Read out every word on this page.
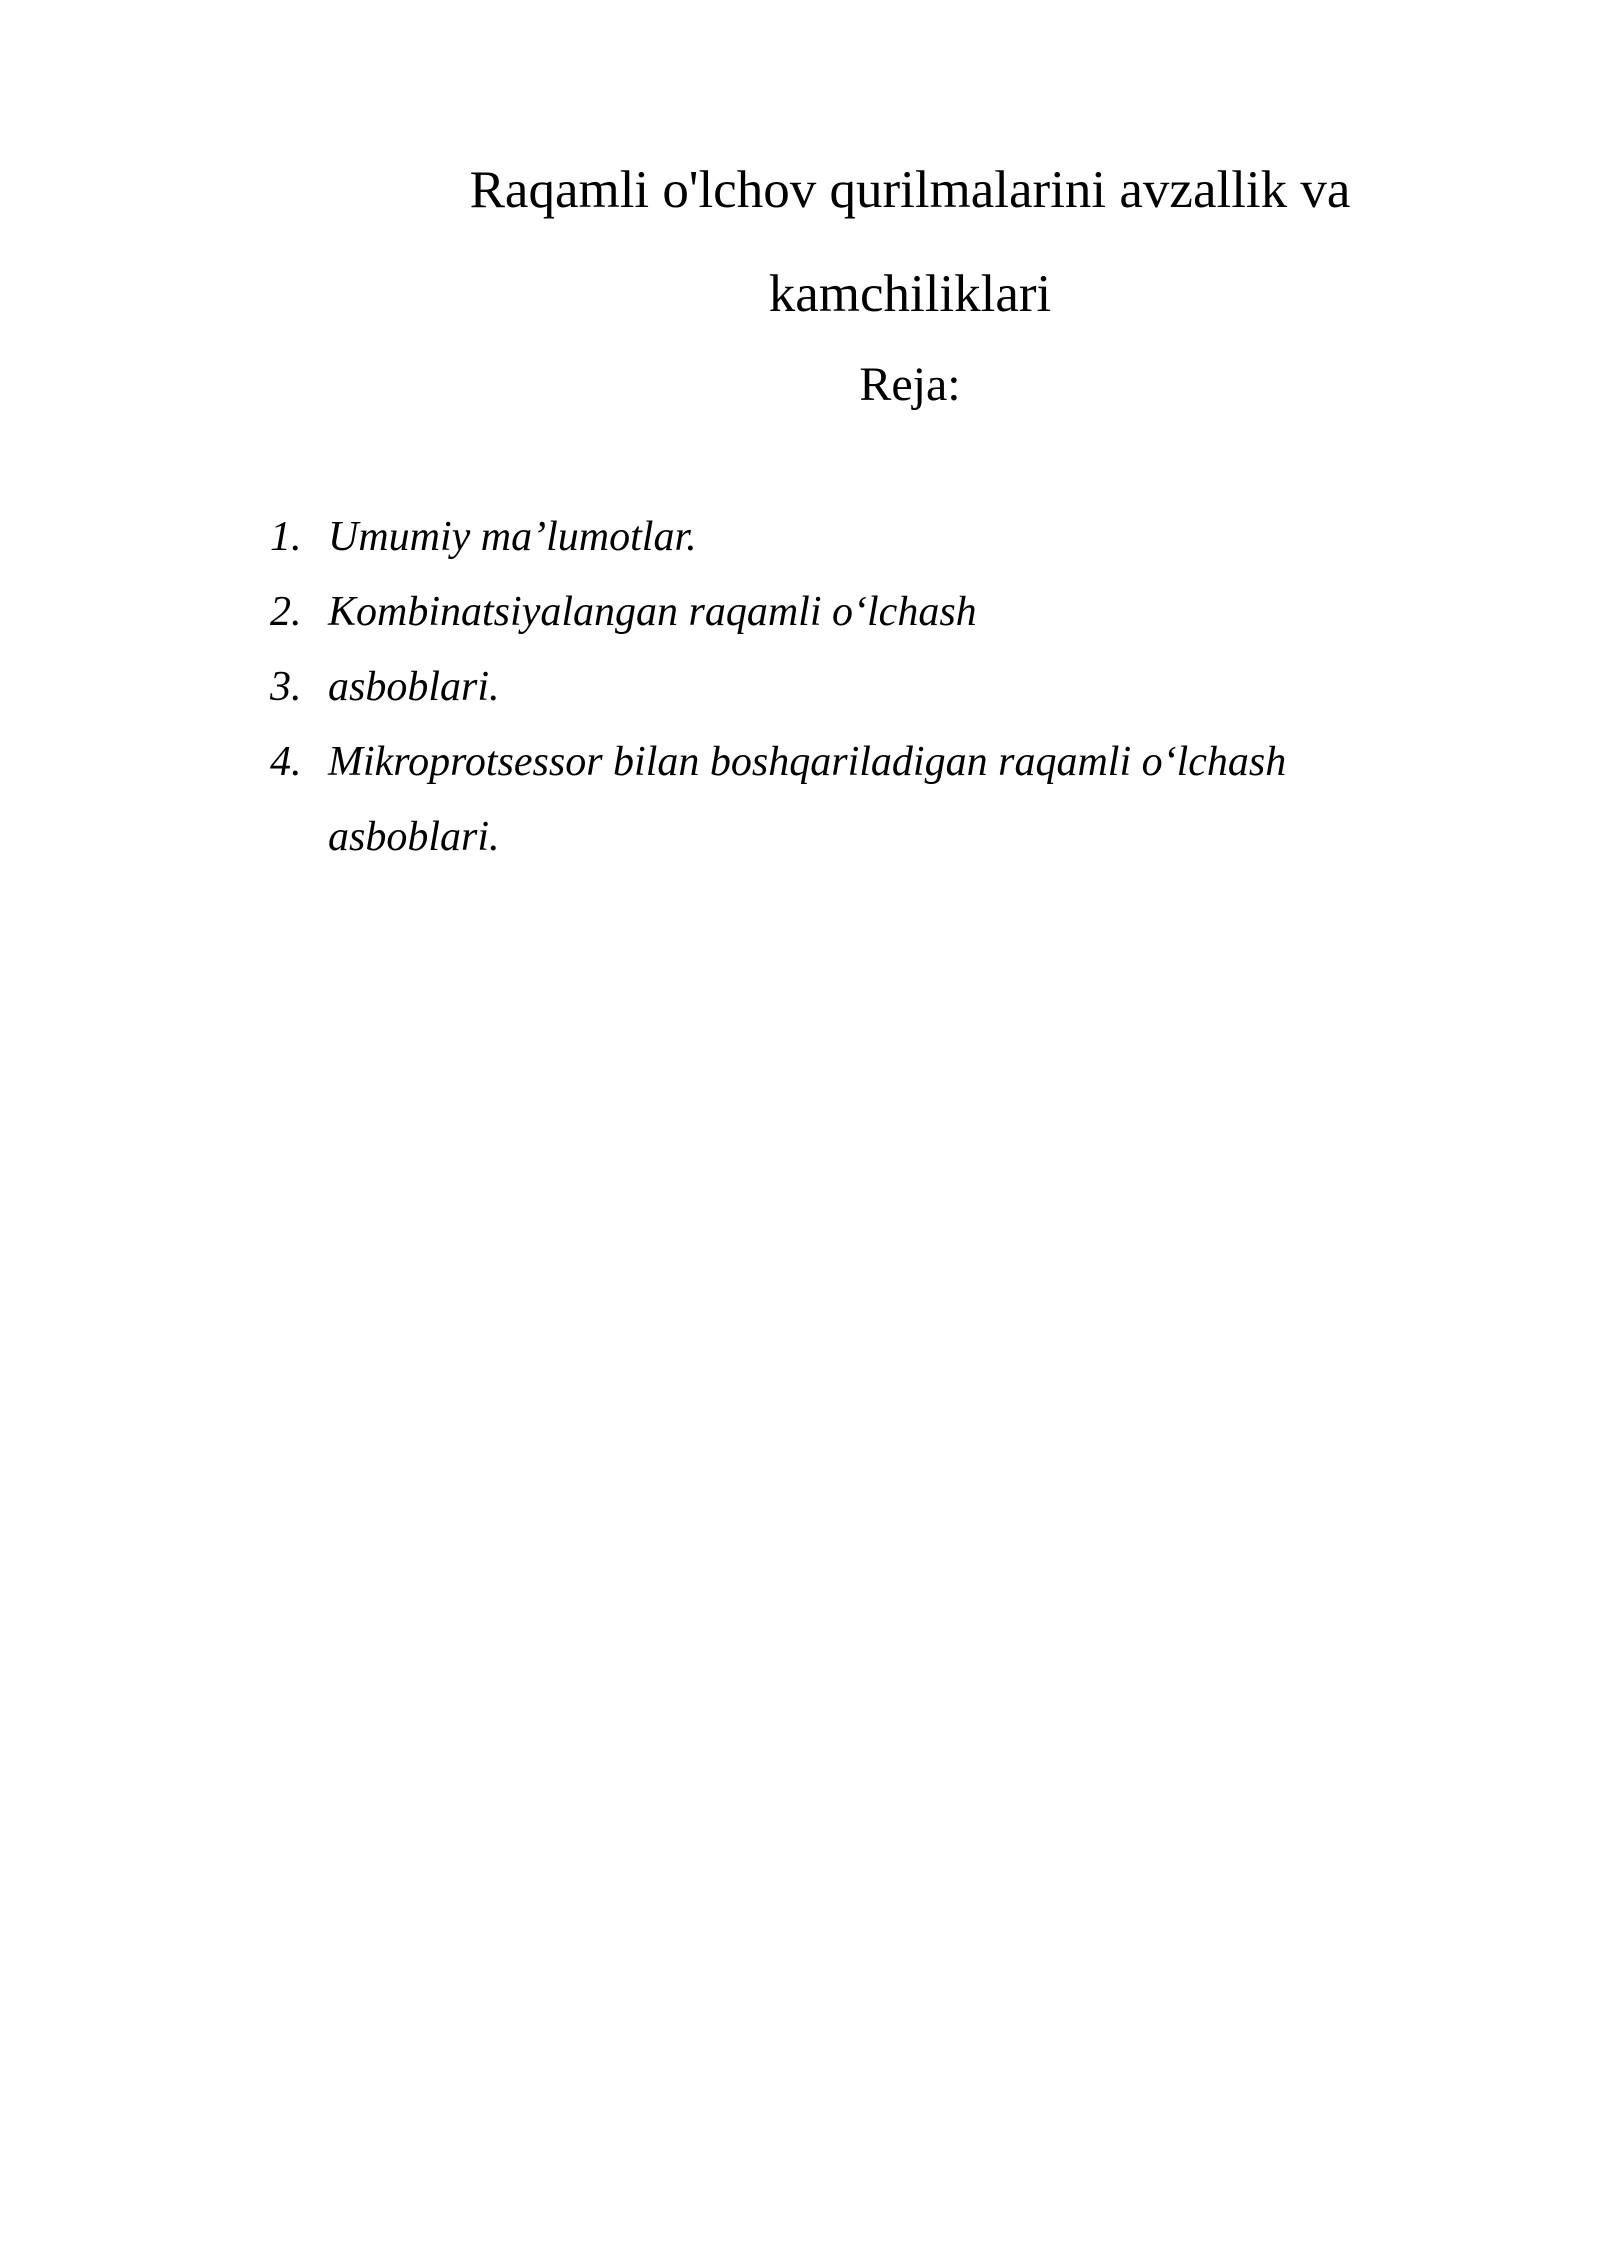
Raqamli o'lchov qurilmalarini avzallik va
kamchiliklari
Reja:
1. Umumiy ma’lumotlar.
2. Kombinatsiyalangan raqamli o‘lchash
3. asboblari.
4. Mikroprotsessor bilan boshqariladigan raqamli o‘lchash asboblari.
